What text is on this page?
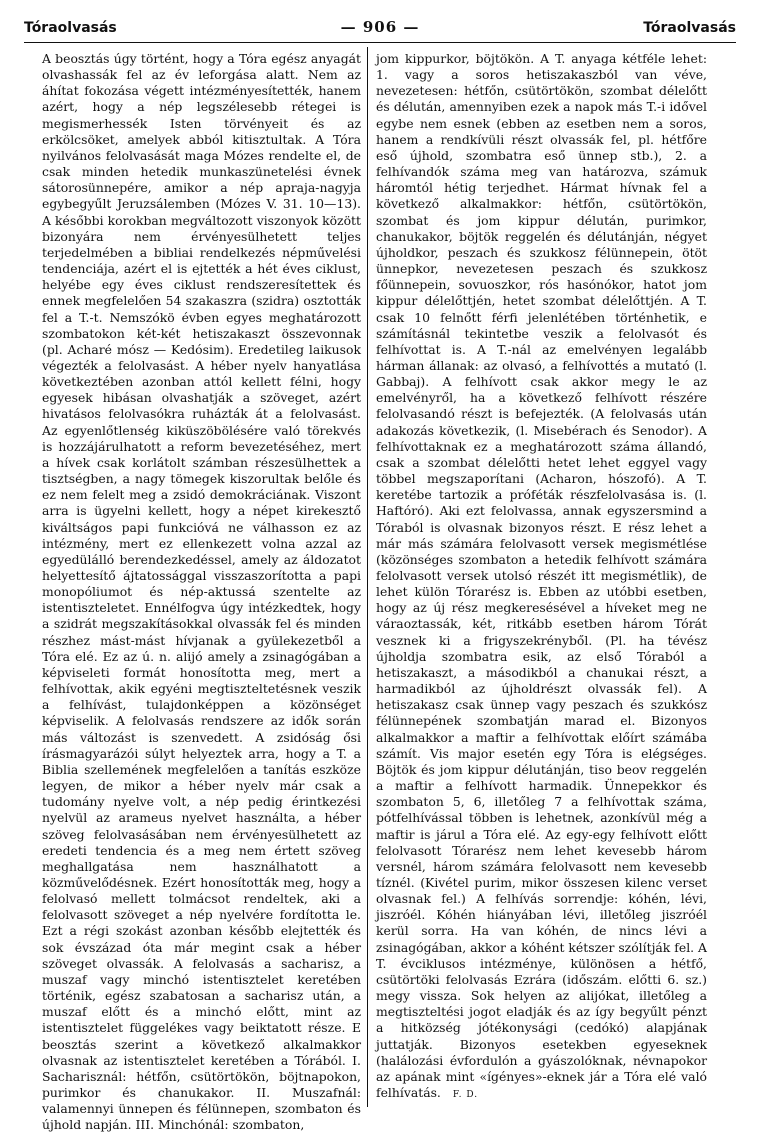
Tóraolvasás	— 906 —	Tóraolvasás

A beosztás úgy történt, hogy a Tóra egész anyagát olvashassák fel az év leforgása alatt. Nem az áhítat fokozása végett intézményesítették, hanem azért, hogy a nép legszélesebb rétegei is megismerhessék Isten törvényeit és az erkölcsöket, amelyek abból kitisztultak. A Tóra nyilvános felolvasását maga Mózes rendelte el, de csak minden hetedik munkaszünetelési évnek sátorosünnepére, amikor a nép apraja-nagyja egybegyűlt Jeruzsálemben (Mózes V. 31. 10—13). A későbbi korokban megváltozott viszonyok között bizonyára nem érvényesülhetett teljes terjedelmében a bibliai rendelkezés népművelési tendenciája, azért el is ejtették a hét éves ciklust, helyébe egy éves ciklust rendszeresítettek és ennek megfelelően 54 szakaszra (szidra) osztották fel a T.-t. Nemszókö évben egyes meghatározott szombatokon két-két hetiszakaszt összevonnak (pl. Acharé mósz — Kedósim). Eredetileg laikusok végezték a felolvasást. A héber nyelv hanyatlása következtében azonban attól kellett félni, hogy egyesek hibásan olvashatják a szöveget, azért hivatásos felolvasókra ruházták át a felolvasást. Az egyenlőtlenség kiküszöbölésére való törekvés is hozzájárulhatott a reform bevezetéséhez, mert a hívek csak korlátolt számban részesülhettek a tisztségben, a nagy tömegek kiszorultak belőle és ez nem felelt meg a zsidó demokráciának. Viszont arra is ügyelni kellett, hogy a népet kirekesztő kiváltságos papi funkcióvá ne válhasson ez az intézmény, mert ez ellenkezett volna azzal az egyedülálló berendezkedéssel, amely az áldozatot helyettesítő ájtatossággal visszaszorította a papi monopóliumot és nép-aktussá szentelte az istentiszteletet. Ennélfogva úgy intézkedtek, hogy a szidrát megszakításokkal olvassák fel és minden részhez mást-mást hívjanak a gyülekezetből a Tóra elé. Ez az ú. n. alijó amely a zsinagógában a képviseleti formát honosította meg, mert a felhívottak, akik egyéni megtiszteltetésnek veszik a felhívást, tulajdonképpen a közönséget képviselik. A felolvasás rendszere az idők során más változást is szenvedett. A zsidóság ősi írásmagyarázói súlyt helyeztek arra, hogy a T. a Biblia szellemének megfelelően a tanítás eszköze legyen, de mikor a héber nyelv már csak a tudomány nyelve volt, a nép pedig érintkezési nyelvül az arameus nyelvet használta, a héber szöveg felolvasásában nem érvényesülhetett az eredeti tendencia és a meg nem értett szöveg meghallgatása nem használhatott a közművelődésnek. Ezért honosították meg, hogy a felolvasó mellett tolmácsot rendeltek, aki a felolvasott szöveget a nép nyelvére fordította le. Ezt a régi szokást azonban később elejtették és sok évszázad óta már megint csak a héber szöveget olvassák. A felolvasás a sacharisz, a muszaf vagy minchó istentisztelet keretében történik, egész szabatosan a sacharisz után, a muszaf előtt és a minchó előtt, mint az istentisztelet függelékes vagy beiktatott része. E beosztás szerint a következő alkalmakkor olvasnak az istentisztelet keretében a Tórából. I. Sacharisznál: hétfőn, csütörtökön, böjtnapokon, purimkor és chanukakor. II. Muszafnál: valamennyi ünnepen és félünnepen, szombaton és újhold napján. III. Minchónál: szombaton,

jom kippurkor, böjtökön. A T. anyaga kétféle lehet: 1. vagy a soros hetiszakaszból van véve, nevezetesen: hétfőn, csütörtökön, szombat délelőtt és délután, amennyiben ezek a napok más T.-i idővel egybe nem esnek (ebben az esetben nem a soros, hanem a rendkívüli részt olvassák fel, pl. hétfőre eső újhold, szombatra eső ünnep stb.), 2. a felhívandók száma meg van határozva, számuk háromtól hétig terjedhet. Hármat hívnak fel a következő alkalmakkor: hétfőn, csütörtökön, szombat és jom kippur délután, purimkor, chanukakor, böjtök reggelén és délutánján, négyet újholdkor, peszach és szukkosz félünnepein, ötöt ünnepkor, nevezetesen peszach és szukkosz főünnepein, sovuoszkor, rós hasónókor, hatot jom kippur délelőttjén, hetet szombat délelőttjén. A T. csak 10 felnőtt férfi jelenlétében történhetik, e számításnál tekintetbe veszik a felolvasót és felhívottat is. A T.-nál az emelvényen legalább hárman állanak: az olvasó, a felhívottés a mutató (l. Gabbaj). A felhívott csak akkor megy le az emelvényről, ha a következő felhívott részére felolvasandó részt is befejezték. (A felolvasás után adakozás következik, (l. Misebérach és Senodor). A felhívottaknak ez a meghatározott száma állandó, csak a szombat délelőtti hetet lehet eggyel vagy többel megszaporítani (Acharon, hószofó). A T. keretébe tartozik a próféták részfelolvasása is. (l. Haftóró). Aki ezt felolvassa, annak egyszersmind a Tóraból is olvasnak bizonyos részt. E rész lehet a már más számára felolvasott versek megismétlése (közönséges szombaton a hetedik felhívott számára felolvasott versek utolsó részét itt megismétlik), de lehet külön Tórarész is. Ebben az utóbbi esetben, hogy az új rész megkeresésével a híveket meg ne váraoztassák, két, ritkább esetben három Tórát vesznek ki a frigyszekrényből. (Pl. ha tévész újholdja szombatra esik, az első Tóraból a hetiszakaszt, a másodikból a chanukai részt, a harmadikból az újholdrészt olvassák fel). A hetiszakasz csak ünnep vagy peszach és szukkósz félünnepének szombatján marad el. Bizonyos alkalmakkor a maftir a felhívottak előírt számába számít. Vis major esetén egy Tóra is elégséges. Böjtök és jom kippur délutánján, tiso beov reggelén a maftir a felhívott harmadik. Ünnepekkor és szombaton 5, 6, illetőleg 7 a felhívottak száma, pótfelhívással többen is lehetnek, azonkívül még a maftir is járul a Tóra elé. Az egy-egy felhívott előtt felolvasott Tórarész nem lehet kevesebb három versnél, három számára felolvasott nem kevesebb tíznél. (Kivétel purim, mikor összesen kilenc verset olvasnak fel.) A felhívás sorrendje: kóhén, lévi, jiszróél. Kóhén hiányában lévi, illetőleg jiszróél kerül sorra. Ha van kóhén, de nincs lévi a zsinagógában, akkor a kóhént kétszer szólítják fel. A T. évciklusos intézménye, különösen a hétfő, csütörtöki felolvasás Ezrára (időszám. előtti 6. sz.) megy vissza. Sok helyen az alijókat, illetőleg a megtiszteltési jogot eladják és az így begyűlt pénzt a hitközség jótékonysági (cedókó) alapjának juttatják. Bizonyos esetekben egyeseknek (halálozási évfordulón a gyászolóknak, névnapokor az apának mint «ígényes»-eknek jár a Tóra elé való felhívatás. F. D.
